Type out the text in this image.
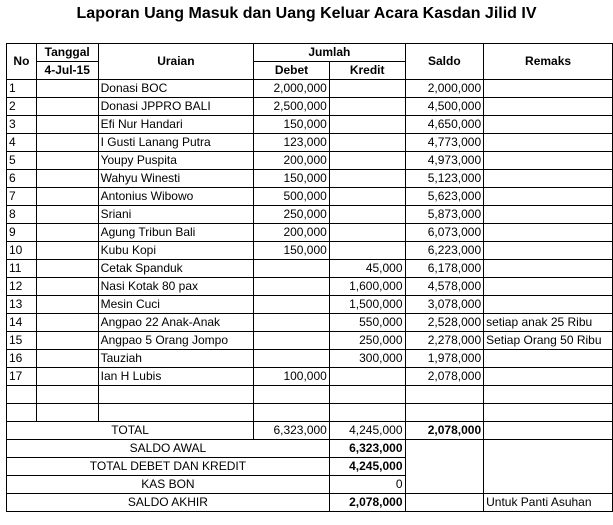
Laporan Uang Masuk dan Uang Keluar Acara Kasdan Jilid IV
No	Tanggal	Uraian	Jumlah		Saldo	Remaks
	4-Jul-15		Debet	Kredit		
1		Donasi BOC	2,000,000		2,000,000	
2		Donasi JPPRO BALI	2,500,000		4,500,000	
3		Efi Nur Handari	150,000		4,650,000	
4		I Gusti Lanang Putra	123,000		4,773,000	
5		Youpy Puspita	200,000		4,973,000	
6		Wahyu Winesti	150,000		5,123,000	
7		Antonius Wibowo	500,000		5,623,000	
8		Sriani	250,000		5,873,000	
9		Agung Tribun Bali	200,000		6,073,000	
10		Kubu Kopi	150,000		6,223,000	
11		Cetak Spanduk		45,000	6,178,000	
12		Nasi Kotak 80 pax		1,600,000	4,578,000	
13		Mesin Cuci		1,500,000	3,078,000	
14		Angpao 22 Anak-Anak		550,000	2,528,000	setiap anak 25 Ribu
15		Angpao 5 Orang Jompo		250,000	2,278,000	Setiap Orang 50 Ribu
16		Tauziah		300,000	1,978,000	
17		Ian H Lubis	100,000		2,078,000	

TOTAL			6,323,000	4,245,000	2,078,000	
SALDO AWAL				6,323,000		
TOTAL DEBET DAN KREDIT				4,245,000		
KAS BON				0		
SALDO AKHIR				2,078,000		Untuk Panti Asuhan
